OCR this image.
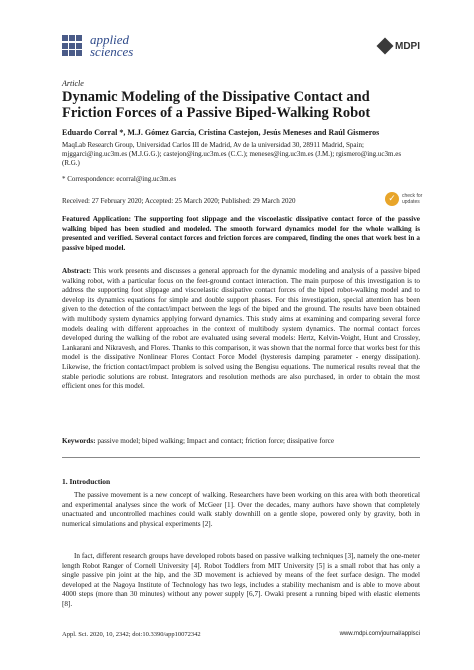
applied
sciences	MDPI
Article
Dynamic Modeling of the Dissipative Contact and Friction Forces of a Passive Biped-Walking Robot
Eduardo Corral *, M.J. Gómez García, Cristina Castejon, Jesús Meneses and Raúl Gismeros
MaqLab Research Group, Universidad Carlos III de Madrid, Av de la universidad 30, 28911 Madrid, Spain; mjggarci@ing.uc3m.es (M.J.G.G.); castejon@ing.uc3m.es (C.C.); meneses@ing.uc3m.es (J.M.); rgismero@ing.uc3m.es (R.G.)
* Correspondence: ecorral@ing.uc3m.es
Received: 27 February 2020; Accepted: 25 March 2020; Published: 29 March 2020	✓	check for updates

Featured Application: The supporting foot slippage and the viscoelastic dissipative contact force of the passive walking biped has been studied and modeled. The smooth forward dynamics model for the whole walking is presented and verified. Several contact forces and friction forces are compared, finding the ones that work best in a passive biped model.

Abstract: This work presents and discusses a general approach for the dynamic modeling and analysis of a passive biped walking robot, with a particular focus on the feet-ground contact interaction. The main purpose of this investigation is to address the supporting foot slippage and viscoelastic dissipative contact forces of the biped robot-walking model and to develop its dynamics equations for simple and double support phases. For this investigation, special attention has been given to the detection of the contact/impact between the legs of the biped and the ground. The results have been obtained with multibody system dynamics applying forward dynamics. This study aims at examining and comparing several force models dealing with different approaches in the context of multibody system dynamics. The normal contact forces developed during the walking of the robot are evaluated using several models: Hertz, Kelvin-Voight, Hunt and Crossley, Lankarani and Nikravesh, and Flores. Thanks to this comparison, it was shown that the normal force that works best for this model is the dissipative Nonlinear Flores Contact Force Model (hysteresis damping parameter - energy dissipation). Likewise, the friction contact/impact problem is solved using the Bengisu equations. The numerical results reveal that the stable periodic solutions are robust. Integrators and resolution methods are also purchased, in order to obtain the most efficient ones for this model.

Keywords: passive model; biped walking; Impact and contact; friction force; dissipative force

1. Introduction

The passive movement is a new concept of walking. Researchers have been working on this area with both theoretical and experimental analyses since the work of McGeer [1]. Over the decades, many authors have shown that completely unactuated and uncontrolled machines could walk stably downhill on a gentle slope, powered only by gravity, both in numerical simulations and physical experiments [2].

In fact, different research groups have developed robots based on passive walking techniques [3], namely the one-meter length Robot Ranger of Cornell University [4]. Robot Toddlers from MIT University [5] is a small robot that has only a single passive pin joint at the hip, and the 3D movement is achieved by means of the feet surface design. The model developed at the Nagoya Institute of Technology has two legs, includes a stability mechanism and is able to move about 4000 steps (more than 30 minutes) without any power supply [6,7]. Owaki present a running biped with elastic elements [8].

Appl. Sci. 2020, 10, 2342; doi:10.3390/app10072342	www.mdpi.com/journal/applsci
